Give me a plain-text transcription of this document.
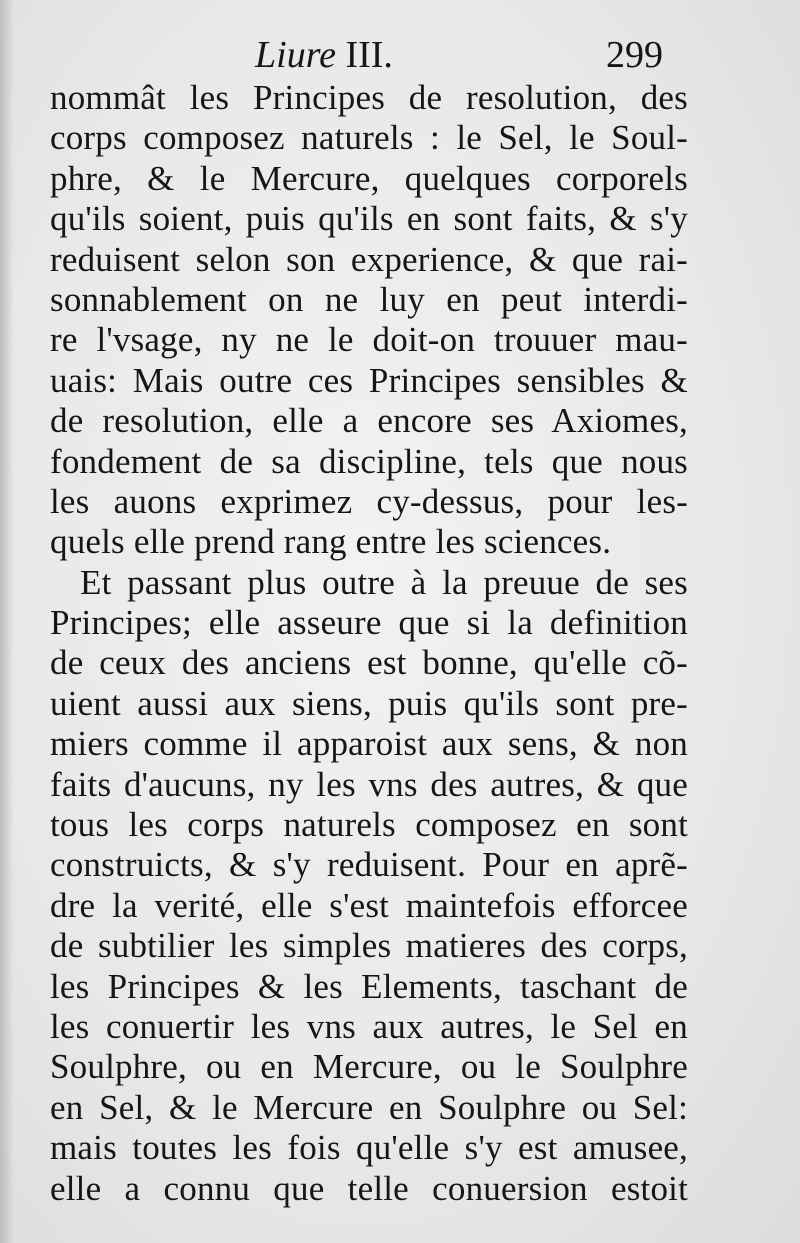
Liure III.	299
nommât les Principes de resolution, des
corps composez naturels : le Sel, le Soul-
phre, & le Mercure, quelques corporels
qu'ils soient, puis qu'ils en sont faits, & s'y
reduisent selon son experience, & que rai-
sonnablement on ne luy en peut interdi-
re l'vsage, ny ne le doit-on trouuer mau-
uais: Mais outre ces Principes sensibles &
de resolution, elle a encore ses Axiomes,
fondement de sa discipline, tels que nous
les auons exprimez cy-dessus, pour les-
quels elle prend rang entre les sciences.
Et passant plus outre à la preuue de ses
Principes; elle asseure que si la definition
de ceux des anciens est bonne, qu'elle cõ-
uient aussi aux siens, puis qu'ils sont pre-
miers comme il apparoist aux sens, & non
faits d'aucuns, ny les vns des autres, & que
tous les corps naturels composez en sont
construicts, & s'y reduisent. Pour en aprẽ-
dre la verité, elle s'est maintefois efforcee
de subtilier les simples matieres des corps,
les Principes & les Elements, taschant de
les conuertir les vns aux autres, le Sel en
Soulphre, ou en Mercure, ou le Soulphre
en Sel, & le Mercure en Soulphre ou Sel:
mais toutes les fois qu'elle s'y est amusee,
elle a connu que telle conuersion estoit
